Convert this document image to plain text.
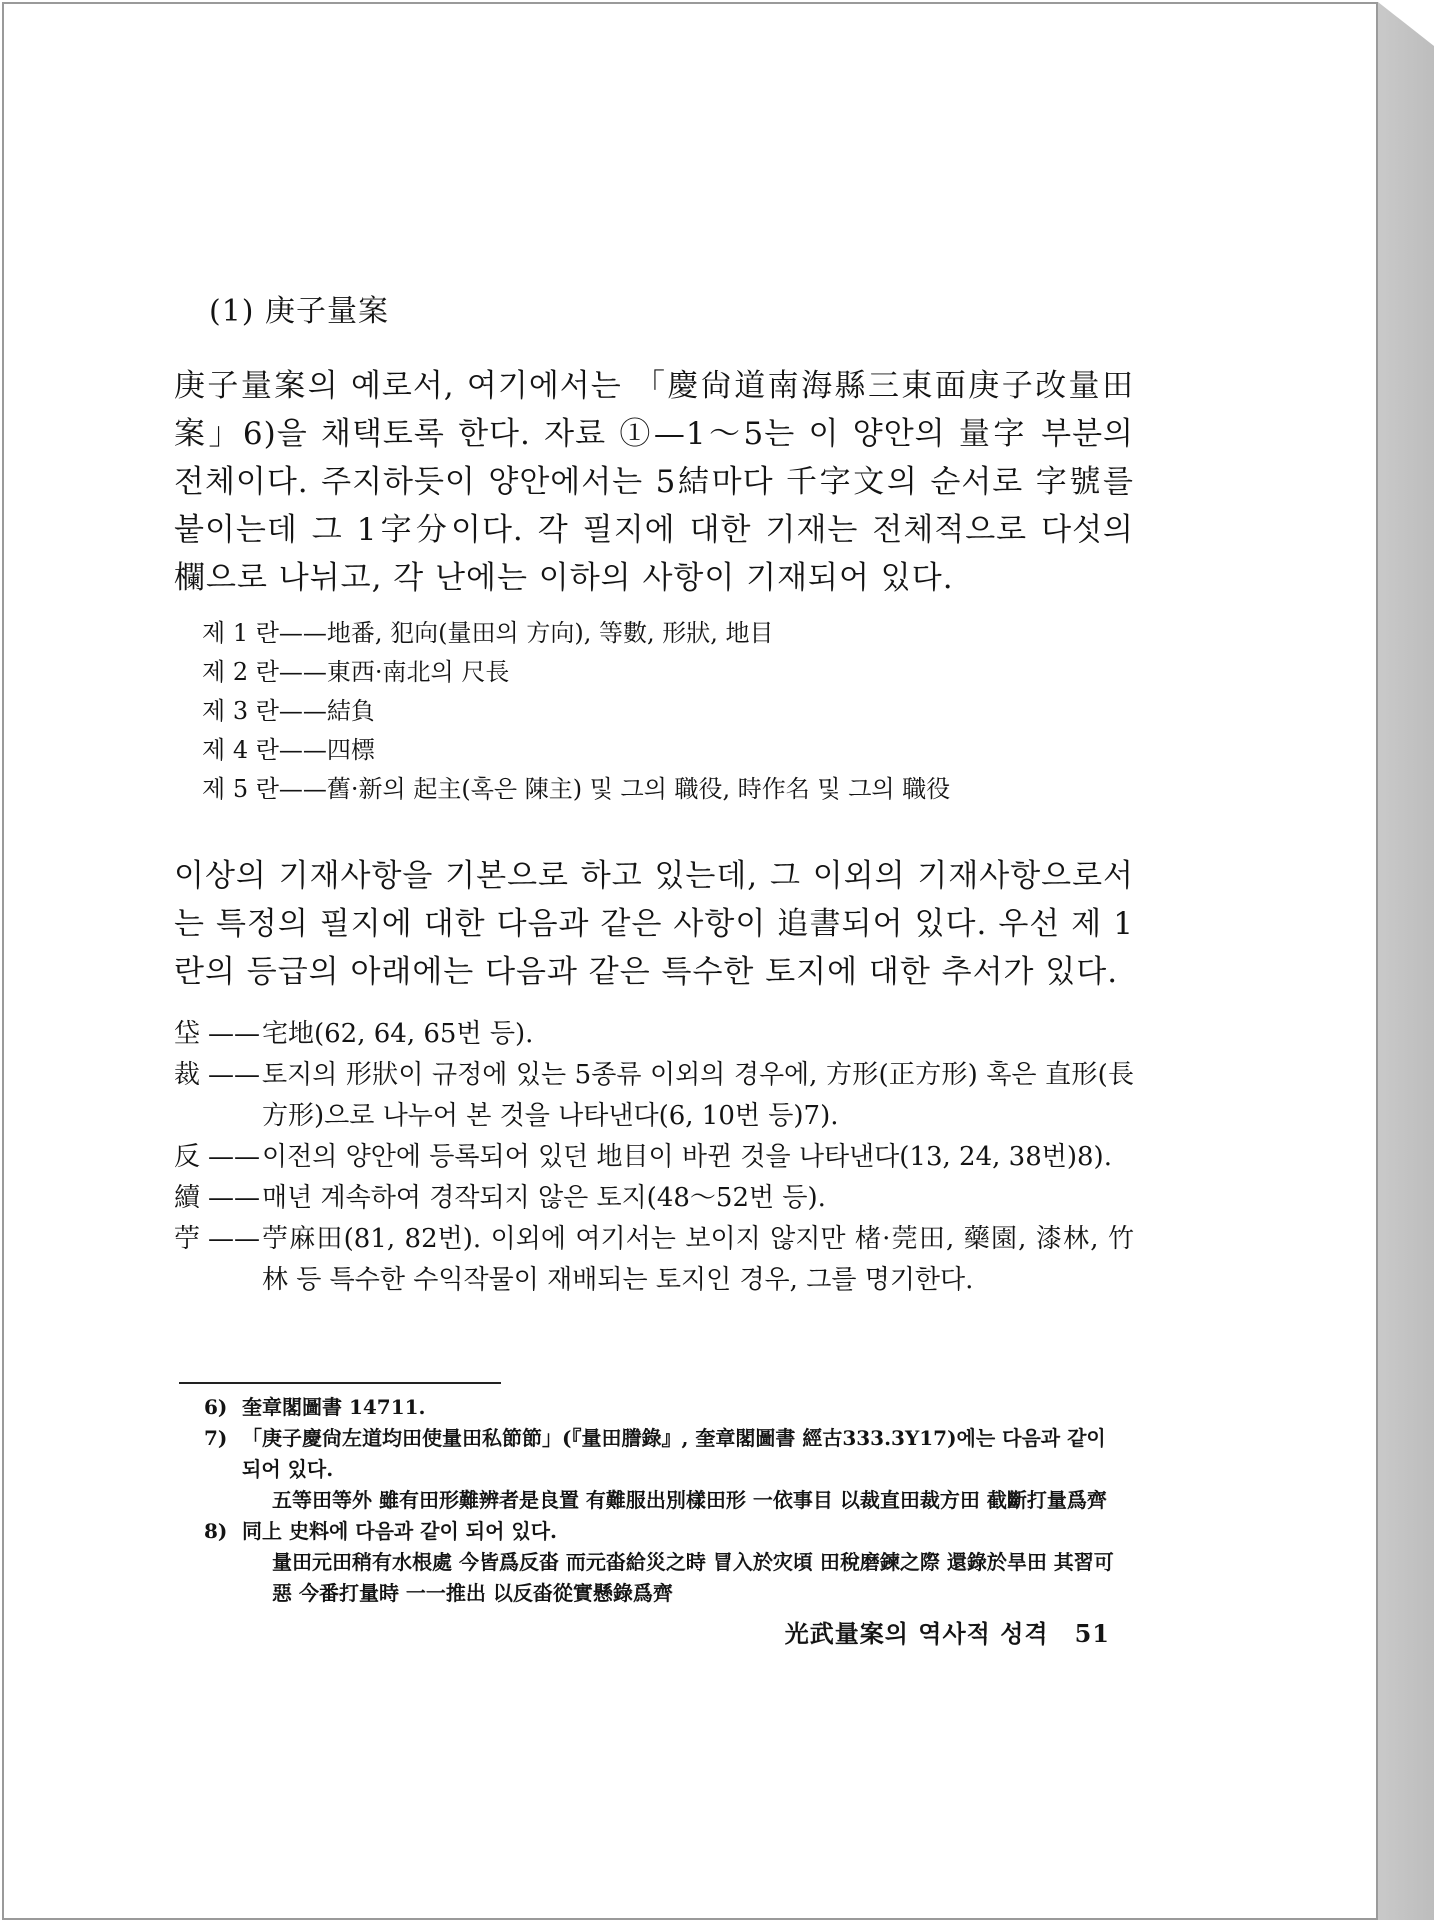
(1) 庚子量案
庚子量案의 예로서, 여기에서는 「慶尙道南海縣三東面庚子改量田案」6)을 채택토록 한다. 자료 ①—1～5는 이 양안의 量字 부분의 전체이다. 주지하듯이 양안에서는 5結마다 千字文의 순서로 字號를 붙이는데 그 1字分이다. 각 필지에 대한 기재는 전체적으로 다섯의 欄으로 나뉘고, 각 난에는 이하의 사항이 기재되어 있다.
제 1 란——地番, 犯向(量田의 方向), 等數, 形狀, 地目
제 2 란——東西·南北의 尺長
제 3 란——結負
제 4 란——四標
제 5 란——舊·新의 起主(혹은 陳主) 및 그의 職役, 時作名 및 그의 職役
이상의 기재사항을 기본으로 하고 있는데, 그 이외의 기재사항으로서는 특정의 필지에 대한 다음과 같은 사항이 追書되어 있다. 우선 제 1 란의 등급의 아래에는 다음과 같은 특수한 토지에 대한 추서가 있다.
垈 —— 宅地(62, 64, 65번 등).
裁 —— 토지의 形狀이 규정에 있는 5종류 이외의 경우에, 方形(正方形) 혹은 直形(長方形)으로 나누어 본 것을 나타낸다(6, 10번 등)7).
反 —— 이전의 양안에 등록되어 있던 地目이 바뀐 것을 나타낸다(13, 24, 38번)8).
續 —— 매년 계속하여 경작되지 않은 토지(48～52번 등).
苧 —— 苧麻田(81, 82번). 이외에 여기서는 보이지 않지만 楮·莞田, 藥園, 漆林, 竹林 등 특수한 수익작물이 재배되는 토지인 경우, 그를 명기한다.
6) 奎章閣圖書 14711.
7) 「庚子慶尙左道均田使量田私節節」(『量田謄錄』, 奎章閣圖書 經古333.3Y17)에는 다음과 같이 되어 있다.
五等田等外 雖有田形難辨者是良置 有難服出別樣田形 一依事目 以裁直田裁方田 截斷打量爲齊
8) 同上 史料에 다음과 같이 되어 있다.
量田元田稍有水根處 今皆爲反畓 而元畓給災之時 冒入於灾頃 田稅磨鍊之際 還錄於旱田 其習可惡 今番打量時 一一推出 以反畓從實懸錄爲齊
光武量案의 역사적 성격 51
